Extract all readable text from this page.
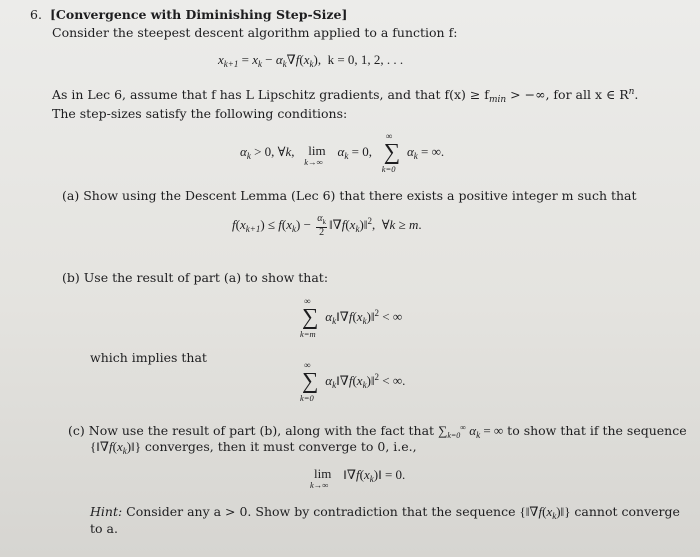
6. [Convergence with Diminishing Step-Size]
Consider the steepest descent algorithm applied to a function f:
$x_{k+1} = x_k - \alpha_k\nabla f(x_k)$,  k = 0, 1, 2, . . .
As in Lec 6, assume that f has L Lipschitz gradients, and that $f(x) \ge f_{min}$ > −∞, for all x ∈ $R^n$.
The step-sizes satisfy the following conditions:
$\alpha_k > 0$, ∀k, lim
k→∞
$\alpha_k = 0$,
∞
∑
k=0
$\alpha_k$ = ∞.
(a) Show using the Descent Lemma (Lec 6) that there exists a positive integer m such that
$f(x_{k+1}) \le f(x_k) - \frac{\alpha_k}{2}$ $‖\nabla f(x_k)‖^2$,  ∀k ≥ m.
(b) Use the result of part (a) to show that:
∞
∑
k=m
$\alpha_k‖\nabla f(x_k)‖^2$ < ∞
which implies that	∞
∑
k=0
$\alpha_k‖\nabla f(x_k)‖^2$ < ∞.
(c) Now use the result of part (b), along with the fact that $\sum_{k=0}^\infty$ $\alpha_k$ = ∞ to show that if the sequence
$\{‖\nabla f(x_k)‖\}$ converges, then it must converge to 0, i.e.,
lim
k→∞
$‖\nabla f(x_k)‖ = 0$.
Hint: Consider any a > 0. Show by contradiction that the sequence $\{‖\nabla f(x_k)‖\}$ cannot converge
to a.
